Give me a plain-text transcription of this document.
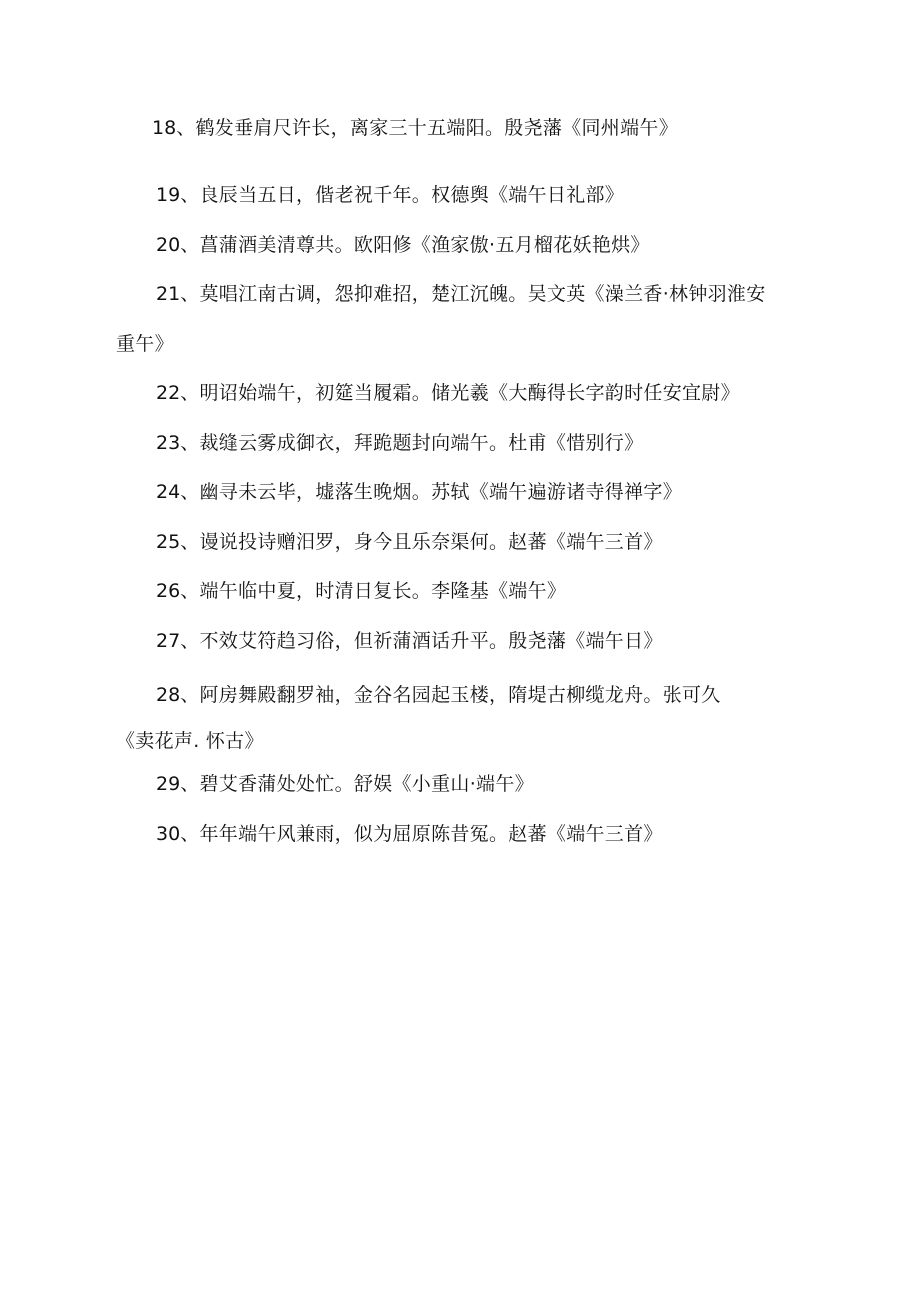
18、鹤发垂肩尺许长，离家三十五端阳。殷尧藩《同州端午》
19、良辰当五日，偕老祝千年。权德舆《端午日礼部》
20、菖蒲酒美清尊共。欧阳修《渔家傲·五月榴花妖艳烘》
21、莫唱江南古调，怨抑难招，楚江沉魄。吴文英《澡兰香·林钟羽淮安
重午》
22、明诏始端午，初筵当履霜。储光羲《大酶得长字韵时任安宜尉》
23、裁缝云雾成御衣，拜跪题封向端午。杜甫《惜别行》
24、幽寻未云毕，墟落生晚烟。苏轼《端午遍游诸寺得禅字》
25、谩说投诗赠汨罗，身今且乐奈渠何。赵蕃《端午三首》
26、端午临中夏，时清日复长。李隆基《端午》
27、不效艾符趋习俗，但祈蒲酒话升平。殷尧藩《端午日》
28、阿房舞殿翻罗袖，金谷名园起玉楼，隋堤古柳缆龙舟。张可久
《卖花声. 怀古》
29、碧艾香蒲处处忙。舒娱《小重山·端午》
30、年年端午风兼雨，似为屈原陈昔冤。赵蕃《端午三首》
